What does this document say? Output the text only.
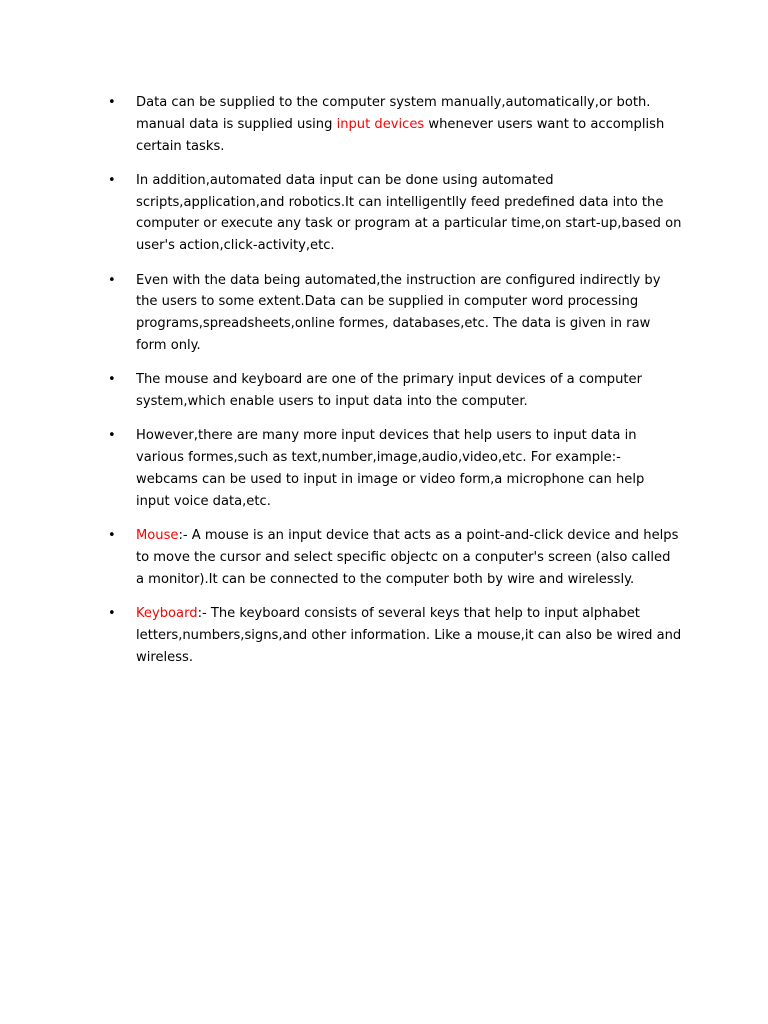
•	Data can be supplied to the computer system manually,automatically,or both. manual data is supplied using input devices whenever users want to accomplish certain tasks.
•	In addition,automated data input can be done using automated scripts,application,and robotics.It can intelligentlly feed predefined data into the computer or execute any task or program at a particular time,on start-up,based on user's action,click-activity,etc.
•	Even with the data being automated,the instruction are configured indirectly by the users to some extent.Data can be supplied in computer word processing programs,spreadsheets,online formes, databases,etc. The data is given in raw form only.
•	The mouse and keyboard are one of the primary input devices of a computer system,which enable users to input data into the computer.
•	However,there are many more input devices that help users to input data in various formes,such as text,number,image,audio,video,etc. For example:- webcams can be used to input in image or video form,a microphone can help input voice data,etc.
•	Mouse:- A mouse is an input device that acts as a point-and-click device and helps to move the cursor and select specific objectc on a conputer's screen (also called a monitor).It can be connected to the computer both by wire and wirelessly.
•	Keyboard:- The keyboard consists of several keys that help to input alphabet letters,numbers,signs,and other information. Like a mouse,it can also be wired and wireless.
